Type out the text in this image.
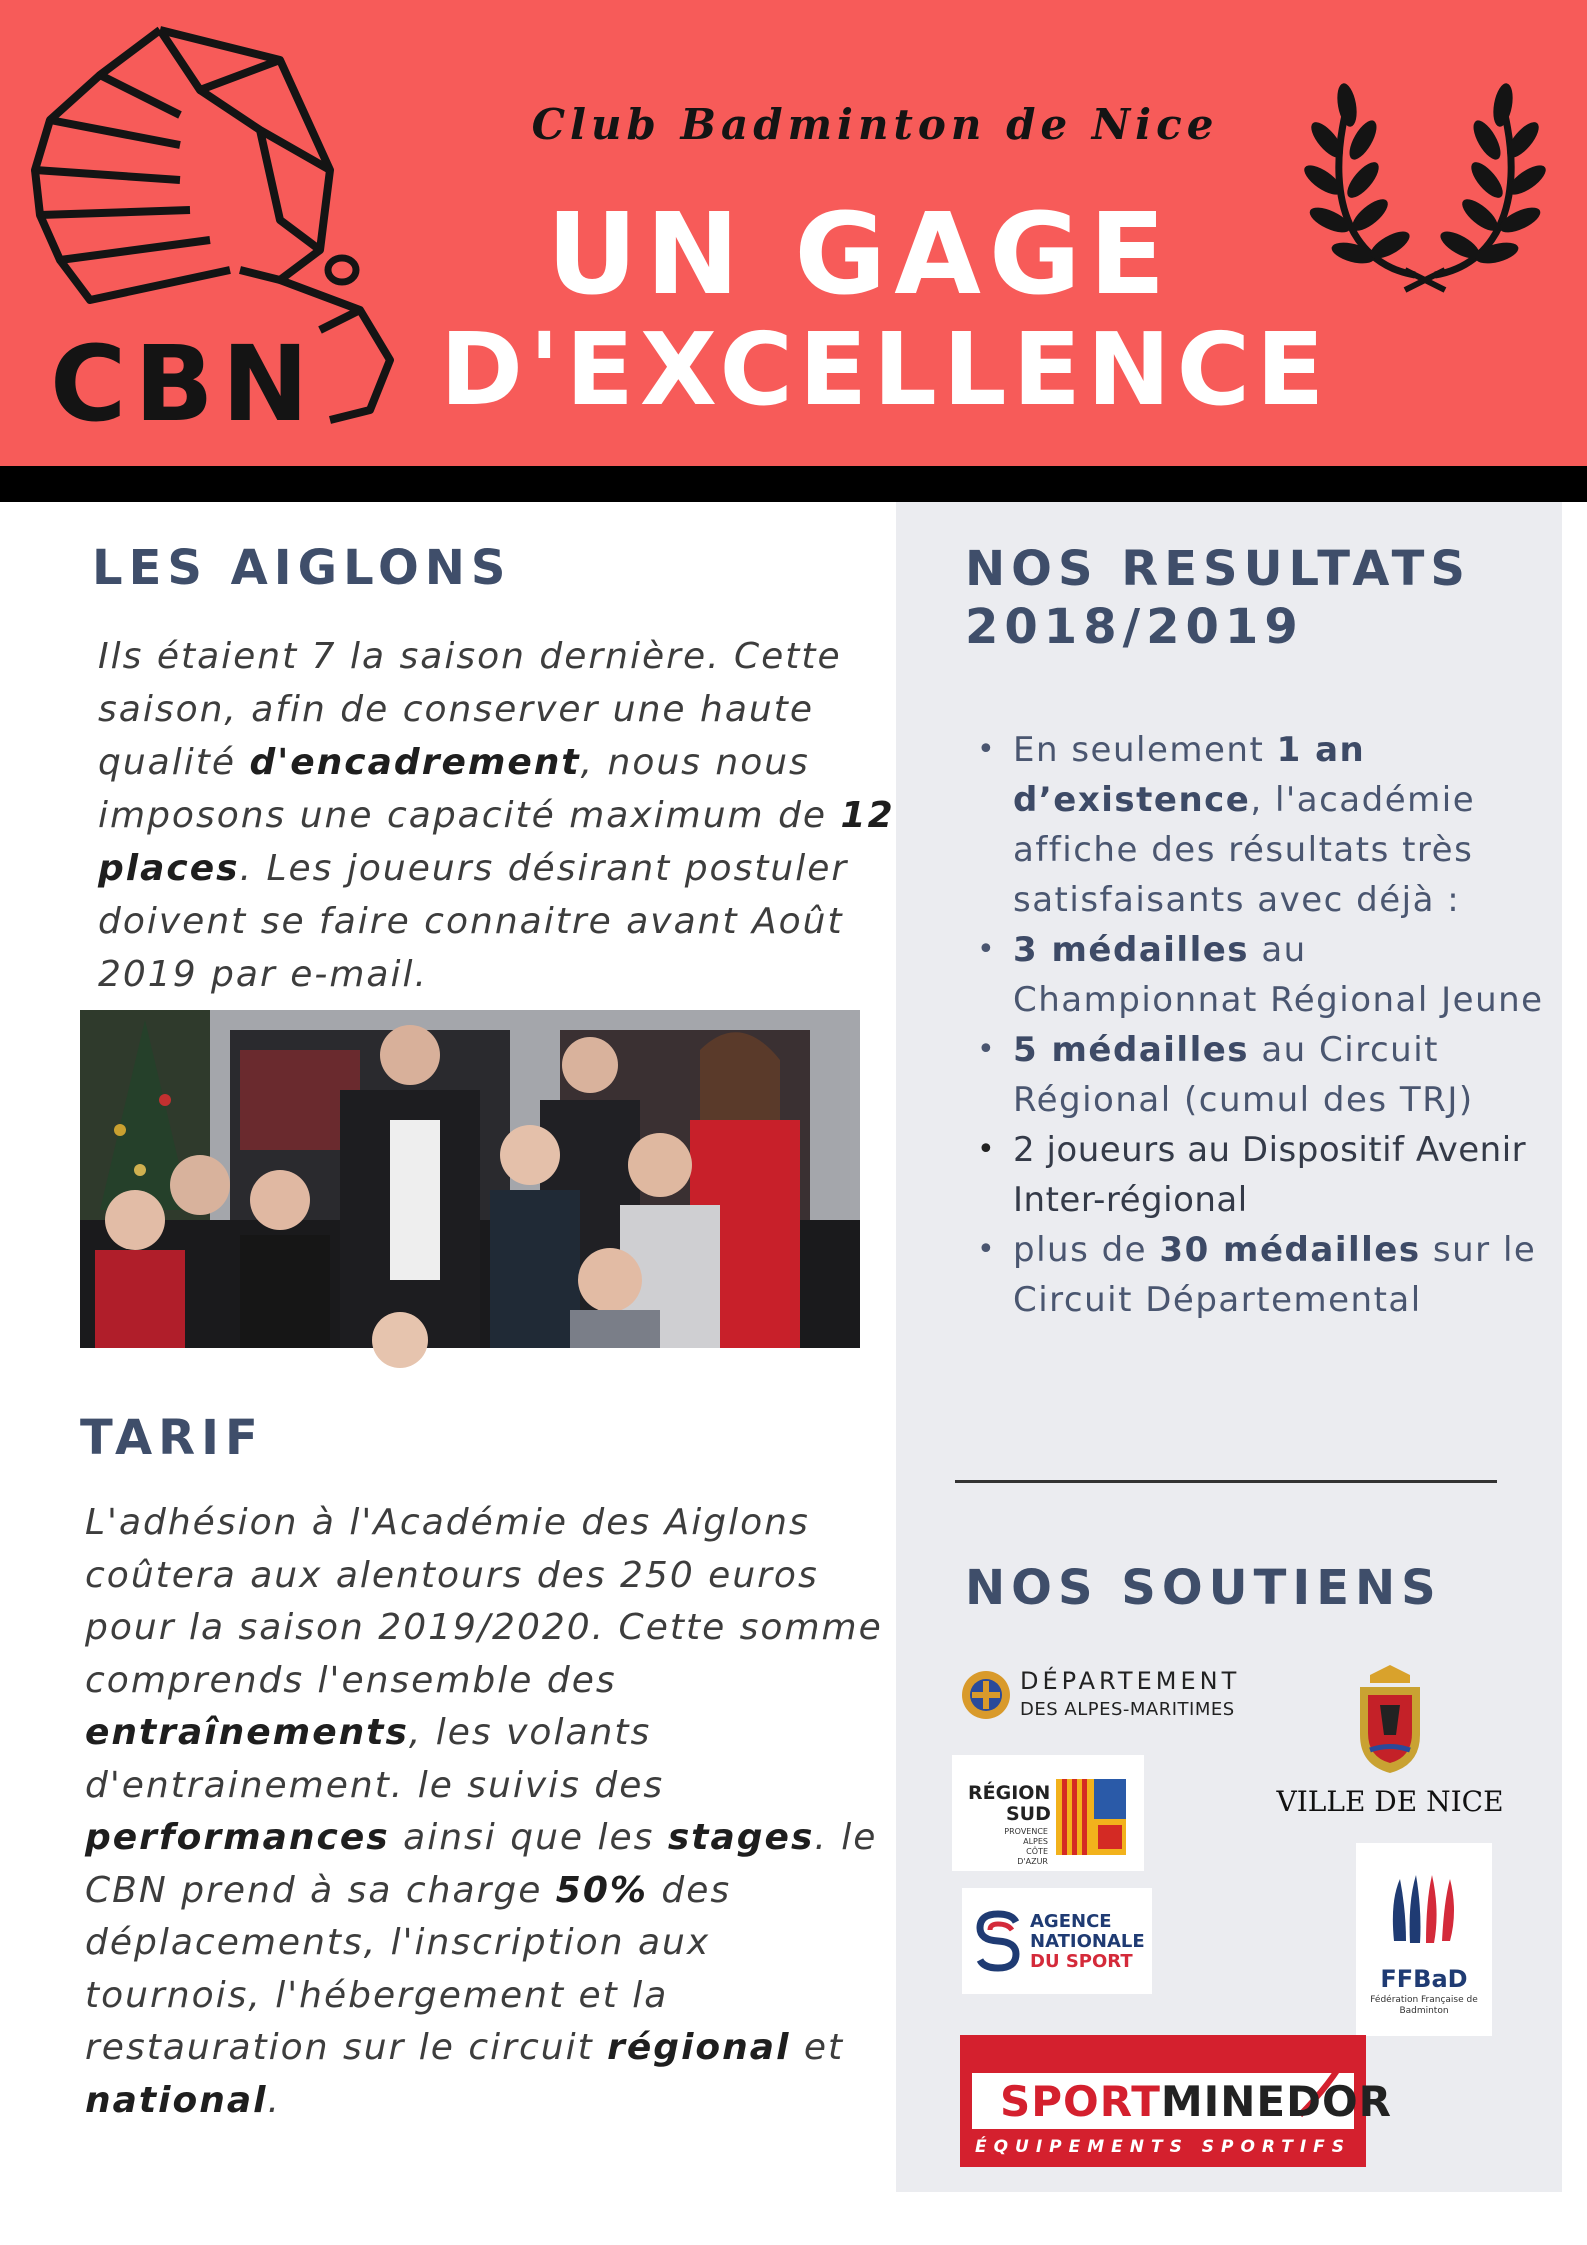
CBN
Club Badminton de Nice
UN GAGE
D'EXCELLENCE
LES AIGLONS

Ils étaient 7 la saison dernière. Cette saison, afin de conserver une haute qualité d'encadrement, nous nous imposons une capacité maximum de 12 places. Les joueurs désirant postuler doivent se faire connaitre avant Août 2019 par e-mail.

TARIF

L'adhésion à l'Académie des Aiglons coûtera aux alentours des 250 euros pour la saison 2019/2020. Cette somme comprends l'ensemble des entraînements, les volants d'entrainement. le suivis des performances ainsi que les stages. le CBN prend à sa charge 50% des déplacements, l'inscription aux tournois, l'hébergement et la restauration sur le circuit régional et national.

NOS RESULTATS 2018/2019
• En seulement 1 an d’existence, l'académie affiche des résultats très satisfaisants avec déjà :
• 3 médailles au Championnat Régional Jeune
• 5 médailles au Circuit Régional (cumul des TRJ)
• 2 joueurs au Dispositif Avenir Inter-régional
• plus de 30 médailles sur le Circuit Départemental
NOS SOUTIENS
DÉPARTEMENT
DES ALPES-MARITIMES
RÉGION
SUD
PROVENCE ALPES CÔTE D'AZUR
VILLE DE NICE
AGENCE
NATIONALE
DU SPORT
FFBaD
Fédération Française de Badminton
SPORTMINEDOR
ÉQUIPEMENTS SPORTIFS
